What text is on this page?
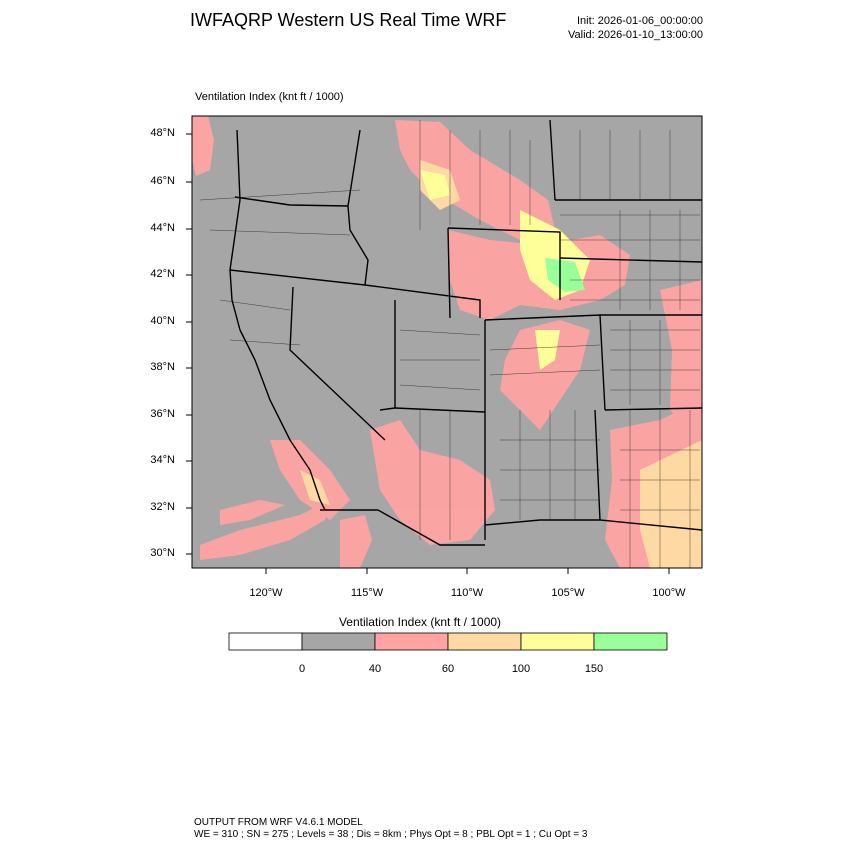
IWFAQRP Western US Real Time WRF	Init: 2026-01-06_00:00:00
Valid: 2026-01-10_13:00:00
Ventilation Index (knt ft / 1000)
48°N
46°N
44°N
42°N
40°N
38°N
36°N
34°N
32°N
30°N
120°W	115°W	110°W	105°W	100°W
Ventilation Index (knt ft / 1000)
0	40	60	100	150
OUTPUT FROM WRF V4.6.1 MODEL
WE = 310 ; SN = 275 ; Levels = 38 ; Dis = 8km ; Phys Opt = 8 ; PBL Opt = 1 ; Cu Opt = 3
